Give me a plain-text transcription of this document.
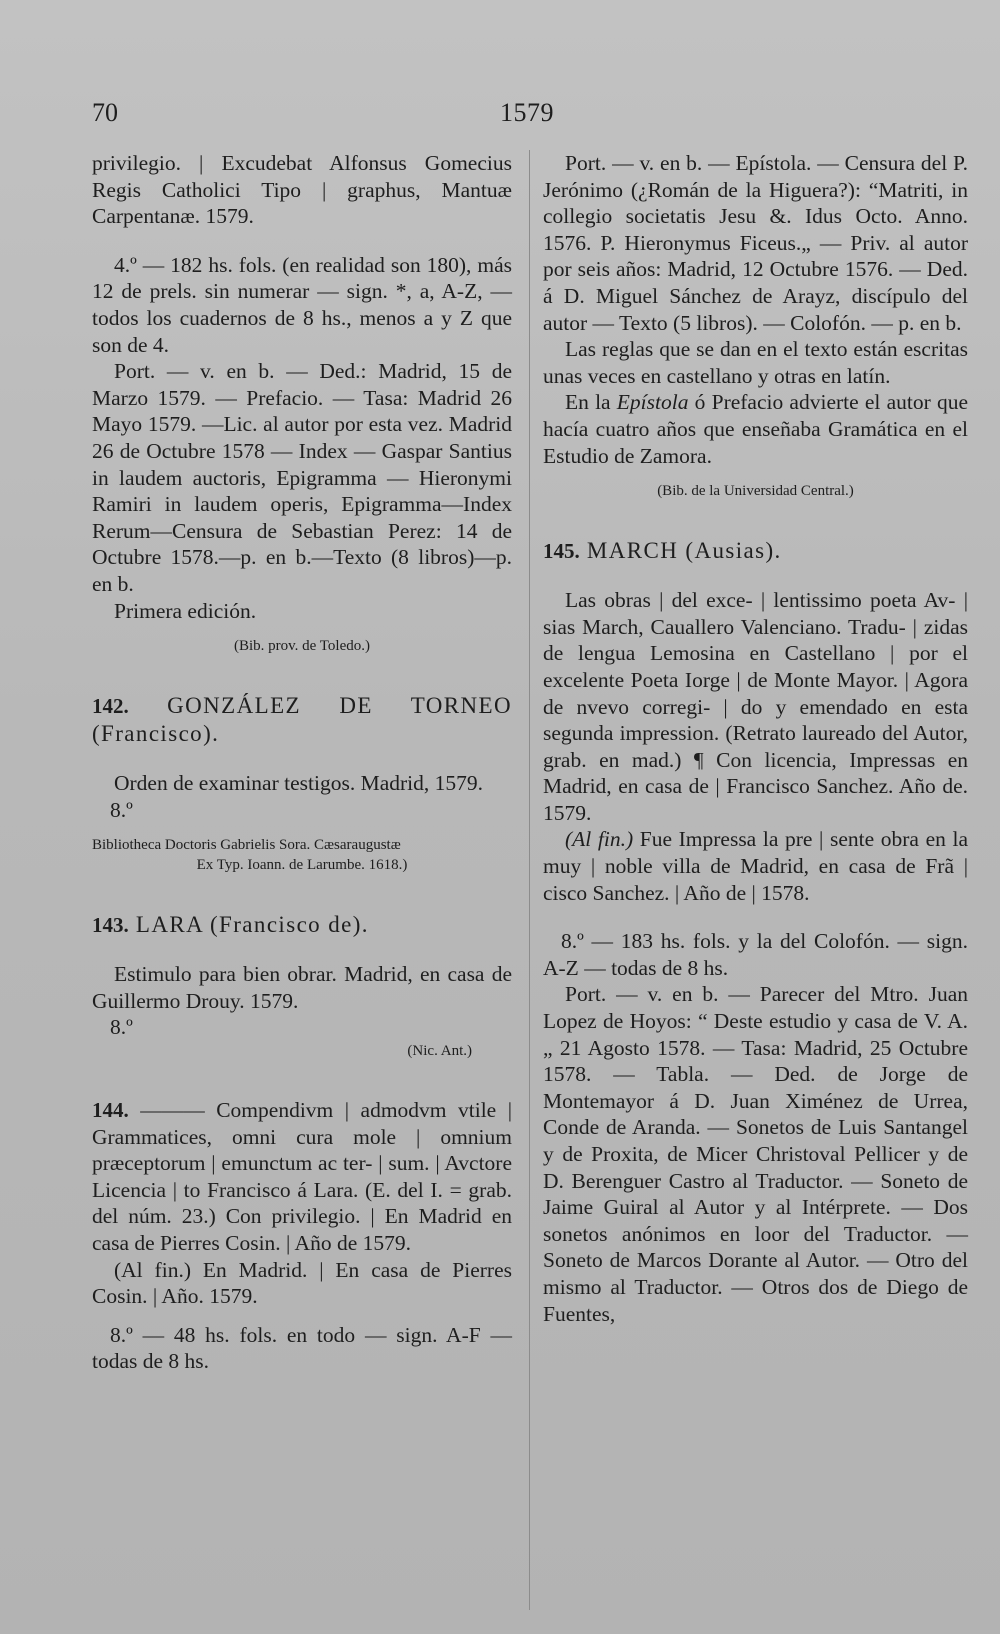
70	1579

privilegio. | Excudebat Alfonsus Gomecius Regis Catholici Tipo | graphus, Mantuæ Carpentanæ. 1579.

4.º — 182 hs. fols. (en realidad son 180), más 12 de prels. sin numerar — sign. *, a, A-Z, — todos los cuadernos de 8 hs., menos a y Z que son de 4.

Port. — v. en b. — Ded.: Madrid, 15 de Marzo 1579. — Prefacio. — Tasa: Madrid 26 Mayo 1579. —Lic. al autor por esta vez. Madrid 26 de Octubre 1578 — Index — Gaspar Santius in laudem auctoris, Epigramma — Hieronymi Ramiri in laudem operis, Epigramma—Index Rerum—Censura de Sebastian Perez: 14 de Octubre 1578.—p. en b.—Texto (8 libros)—p. en b.

Primera edición.

(Bib. prov. de Toledo.)

142. GONZÁLEZ DE TORNEO (Francisco).

Orden de examinar testigos. Madrid, 1579.

8.º

Bibliotheca Doctoris Gabrielis Sora. Cæsaraugustæ

Ex Typ. Ioann. de Larumbe. 1618.)

143. LARA (Francisco de).

Estimulo para bien obrar. Madrid, en casa de Guillermo Drouy. 1579.

8.º

(Nic. Ant.)

144. ——— Compendivm | admodvm vtile | Grammatices, omni cura mole | omnium præceptorum | emunctum ac ter- | sum. | Avctore Licencia | to Francisco á Lara. (E. del I. = grab. del núm. 23.) Con privilegio. | En Madrid en casa de Pierres Cosin. | Año de 1579.

(Al fin.) En Madrid. | En casa de Pierres Cosin. | Año. 1579.

8.º — 48 hs. fols. en todo — sign. A-F — todas de 8 hs.

Port. — v. en b. — Epístola. — Censura del P. Jerónimo (¿Román de la Higuera?): “Matriti, in collegio societatis Jesu &. Idus Octo. Anno. 1576. P. Hieronymus Ficeus.„ — Priv. al autor por seis años: Madrid, 12 Octubre 1576. — Ded. á D. Miguel Sánchez de Arayz, discípulo del autor — Texto (5 libros). — Colofón. — p. en b.

Las reglas que se dan en el texto están escritas unas veces en castellano y otras en latín.

En la Epístola ó Prefacio advierte el autor que hacía cuatro años que enseñaba Gramática en el Estudio de Zamora.

(Bib. de la Universidad Central.)

145. MARCH (Ausias).

Las obras | del exce- | lentissimo poeta Av- | sias March, Cauallero Valenciano. Tradu- | zidas de lengua Lemosina en Castellano | por el excelente Poeta Iorge | de Monte Mayor. | Agora de nvevo corregi- | do y emendado en esta segunda impression. (Retrato laureado del Autor, grab. en mad.) ¶ Con licencia, Impressas en Madrid, en casa de | Francisco Sanchez. Año de. 1579.

(Al fin.) Fue Impressa la pre | sente obra en la muy | noble villa de Madrid, en casa de Frã | cisco Sanchez. | Año de | 1578.

8.º — 183 hs. fols. y la del Colofón. — sign. A-Z — todas de 8 hs.

Port. — v. en b. — Parecer del Mtro. Juan Lopez de Hoyos: “ Deste estudio y casa de V. A. „ 21 Agosto 1578. — Tasa: Madrid, 25 Octubre 1578. — Tabla. — Ded. de Jorge de Montemayor á D. Juan Ximénez de Urrea, Conde de Aranda. — Sonetos de Luis Santangel y de Proxita, de Micer Christoval Pellicer y de D. Berenguer Castro al Traductor. — Soneto de Jaime Guiral al Autor y al Intérprete. — Dos sonetos anónimos en loor del Traductor. — Soneto de Marcos Dorante al Autor. — Otro del mismo al Traductor. — Otros dos de Diego de Fuentes,
